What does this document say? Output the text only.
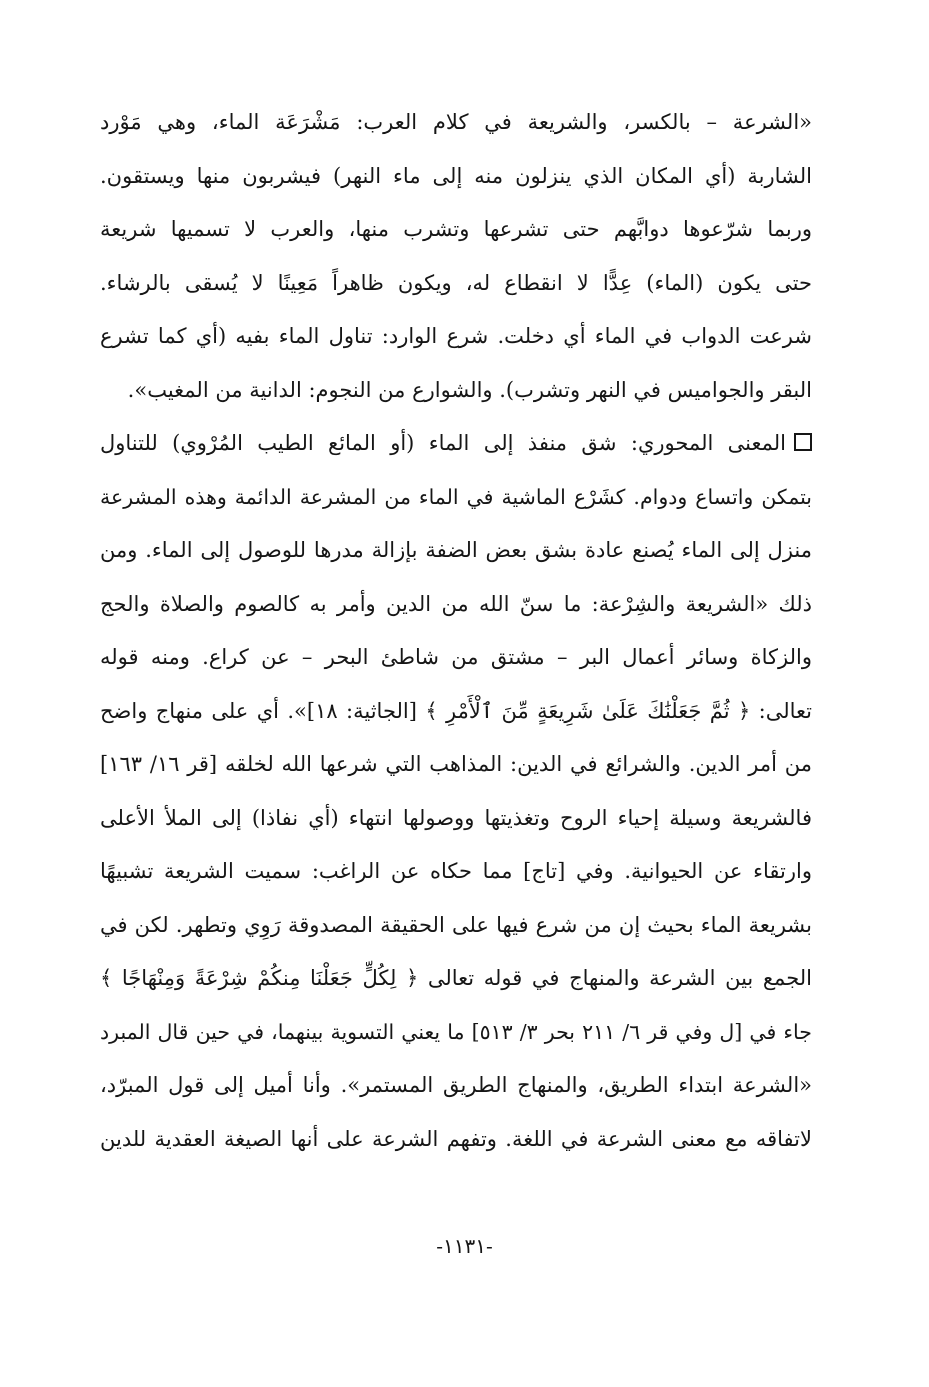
«الشرعة – بالكسر، والشريعة في كلام العرب: مَشْرَعَة الماء، وهي مَوْرد
الشاربة (أي المكان الذي ينزلون منه إلى ماء النهر) فيشربون منها ويستقون.
وربما شرّعوها دوابَّهم حتى تشرعها وتشرب منها، والعرب لا تسميها شريعة
حتى يكون (الماء) عِدًّا لا انقطاع له، ويكون ظاهراً مَعِينًا لا يُسقى بالرشاء.
شرعت الدواب في الماء أي دخلت. شرع الوارد: تناول الماء بفيه (أي كما تشرع
البقر والجواميس في النهر وتشرب). والشوارع من النجوم: الدانية من المغيب».
المعنى المحوري: شق منفذ إلى الماء (أو المائع الطيب المُرْوي) للتناول
بتمكن واتساع ودوام. كشَرْع الماشية في الماء من المشرعة الدائمة وهذه المشرعة
منزل إلى الماء يُصنع عادة بشق بعض الضفة بإزالة مدرها للوصول إلى الماء. ومن
ذلك «الشريعة والشِرْعة: ما سنّ الله من الدين وأمر به كالصوم والصلاة والحج
والزكاة وسائر أعمال البر – مشتق من شاطئ البحر – عن كراع. ومنه قوله
تعالى: ﴿ ثُمَّ جَعَلْنَٰكَ عَلَىٰ شَرِيعَةٍ مِّنَ ٱلْأَمْرِ ﴾ [الجاثية: ١٨]». أي على منهاج واضح
من أمر الدين. والشرائع في الدين: المذاهب التي شرعها الله لخلقه [قر ١٦/ ١٦٣]
فالشريعة وسيلة إحياء الروح وتغذيتها ووصولها انتهاء (أي نفاذا) إلى الملأ الأعلى
وارتقاء عن الحيوانية. وفي [تاج] مما حكاه عن الراغب: سميت الشريعة تشبيهًا
بشريعة الماء بحيث إن من شرع فيها على الحقيقة المصدوقة رَوِي وتطهر. لكن في
الجمع بين الشرعة والمنهاج في قوله تعالى ﴿ لِكُلٍّ جَعَلْنَا مِنكُمْ شِرْعَةً وَمِنْهَاجًا ﴾
جاء في [ل وفي قر ٦/ ٢١١ بحر ٣/ ٥١٣] ما يعني التسوية بينهما، في حين قال المبرد
«الشرعة ابتداء الطريق، والمنهاج الطريق المستمر». وأنا أميل إلى قول المبرّد،
لاتفاقه مع معنى الشرعة في اللغة. وتفهم الشرعة على أنها الصيغة العقدية للدين
-١١٣١-
